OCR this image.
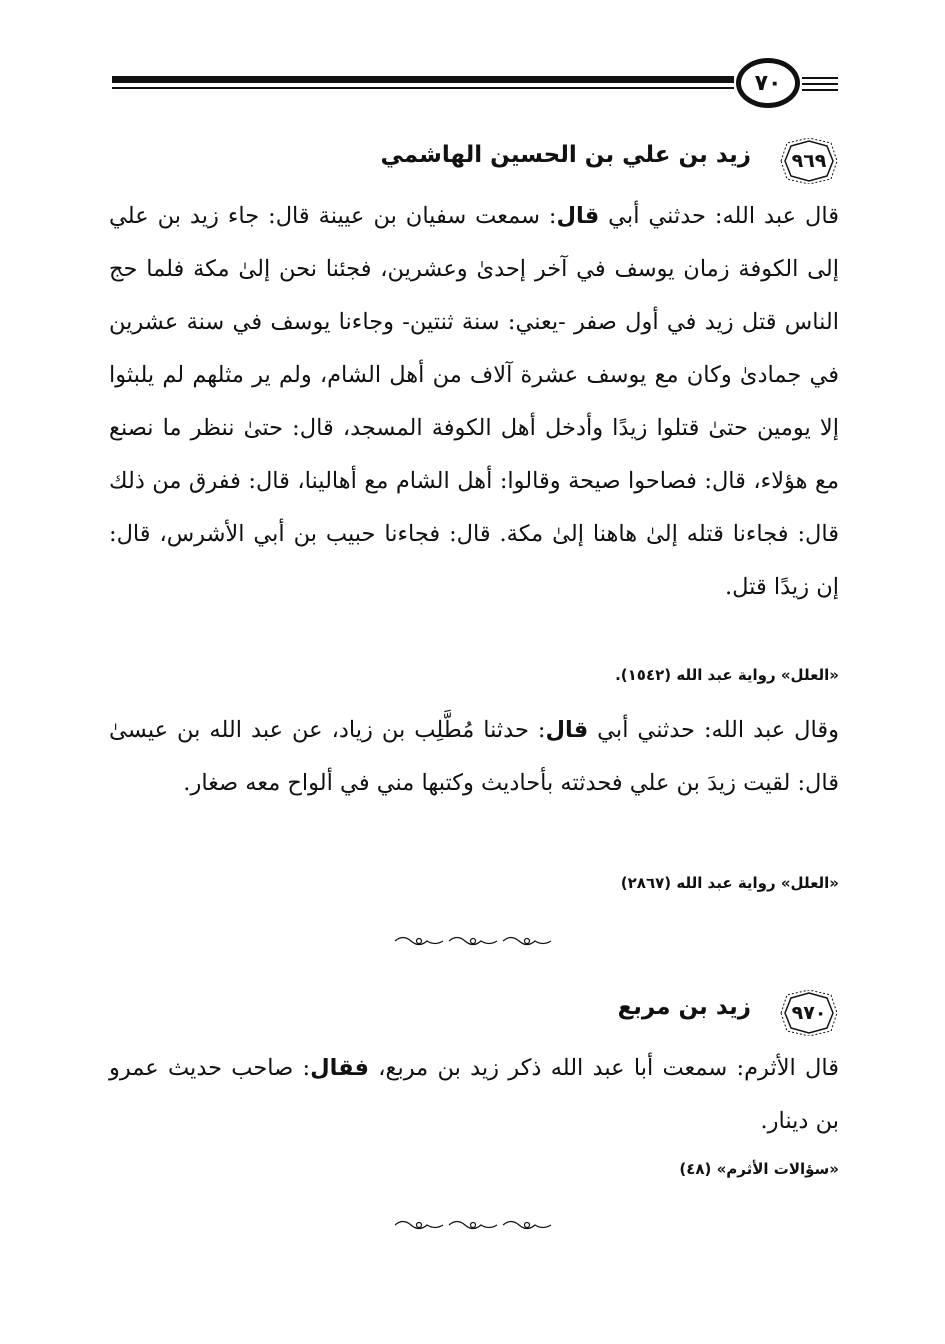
٧٠
٩٦٩
زيد بن علي بن الحسين الهاشمي
قال عبد الله: حدثني أبي قال: سمعت سفيان بن عيينة قال: جاء زيد بن علي إلى الكوفة زمان يوسف في آخر إحدىٰ وعشرين، فجئنا نحن إلىٰ مكة فلما حج الناس قتل زيد في أول صفر -يعني: سنة ثنتين- وجاءنا يوسف في سنة عشرين في جمادىٰ وكان مع يوسف عشرة آلاف من أهل الشام، ولم ير مثلهم لم يلبثوا إلا يومين حتىٰ قتلوا زيدًا وأدخل أهل الكوفة المسجد، قال: حتىٰ ننظر ما نصنع مع هؤلاء، قال: فصاحوا صيحة وقالوا: أهل الشام مع أهالينا، قال: ففرق من ذلك قال: فجاءنا قتله إلىٰ هاهنا إلىٰ مكة. قال: فجاءنا حبيب بن أبي الأشرس، قال: إن زيدًا قتل.
«العلل» رواية عبد الله (١٥٤٢).
وقال عبد الله: حدثني أبي قال: حدثنا مُطَّلِب بن زياد، عن عبد الله بن عيسىٰ قال: لقيت زيدَ بن علي فحدثته بأحاديث وكتبها مني في ألواح معه صغار.
«العلل» رواية عبد الله (٢٨٦٧)
٩٧٠
زيد بن مربع
قال الأثرم: سمعت أبا عبد الله ذكر زيد بن مربع، فقال: صاحب حديث عمرو بن دينار.
«سؤالات الأثرم» (٤٨)
